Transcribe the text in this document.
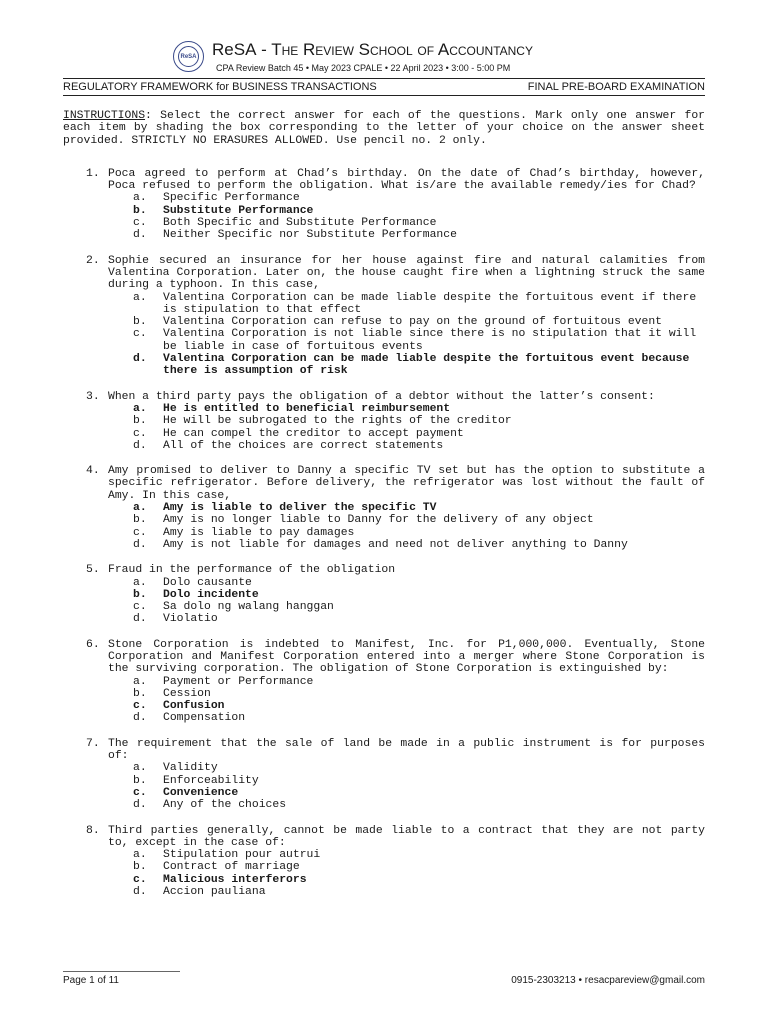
ReSA ReSA - The Review School of Accountancy
CPA Review Batch 45 • May 2023 CPALE • 22 April 2023 • 3:00 - 5:00 PM
REGULATORY FRAMEWORK for BUSINESS TRANSACTIONS	FINAL PRE-BOARD EXAMINATION

INSTRUCTIONS: Select the correct answer for each of the questions. Mark only one answer for each item by shading the box corresponding to the letter of your choice on the answer sheet provided. STRICTLY NO ERASURES ALLOWED. Use pencil no. 2 only.

1. Poca agreed to perform at Chad’s birthday. On the date of Chad’s birthday, however, Poca refused to perform the obligation. What is/are the available remedy/ies for Chad?
a. Specific Performance
b. Substitute Performance
c. Both Specific and Substitute Performance
d. Neither Specific nor Substitute Performance
2. Sophie secured an insurance for her house against fire and natural calamities from Valentina Corporation. Later on, the house caught fire when a lightning struck the same during a typhoon. In this case,
a. Valentina Corporation can be made liable despite the fortuitous event if there is stipulation to that effect
b. Valentina Corporation can refuse to pay on the ground of fortuitous event
c. Valentina Corporation is not liable since there is no stipulation that it will be liable in case of fortuitous events
d. Valentina Corporation can be made liable despite the fortuitous event because there is assumption of risk
3. When a third party pays the obligation of a debtor without the latter’s consent:
a. He is entitled to beneficial reimbursement
b. He will be subrogated to the rights of the creditor
c. He can compel the creditor to accept payment
d. All of the choices are correct statements
4. Amy promised to deliver to Danny a specific TV set but has the option to substitute a specific refrigerator. Before delivery, the refrigerator was lost without the fault of Amy. In this case,
a. Amy is liable to deliver the specific TV
b. Amy is no longer liable to Danny for the delivery of any object
c. Amy is liable to pay damages
d. Amy is not liable for damages and need not deliver anything to Danny
5. Fraud in the performance of the obligation
a. Dolo causante
b. Dolo incidente
c. Sa dolo ng walang hanggan
d. Violatio
6. Stone Corporation is indebted to Manifest, Inc. for P1,000,000. Eventually, Stone Corporation and Manifest Corporation entered into a merger where Stone Corporation is the surviving corporation. The obligation of Stone Corporation is extinguished by:
a. Payment or Performance
b. Cession
c. Confusion
d. Compensation
7. The requirement that the sale of land be made in a public instrument is for purposes of:
a. Validity
b. Enforceability
c. Convenience
d. Any of the choices
8. Third parties generally, cannot be made liable to a contract that they are not party to, except in the case of:
a. Stipulation pour autrui
b. Contract of marriage
c. Malicious interferors
d. Accion pauliana
Page 1 of 11	0915-2303213 • resacpareview@gmail.com
